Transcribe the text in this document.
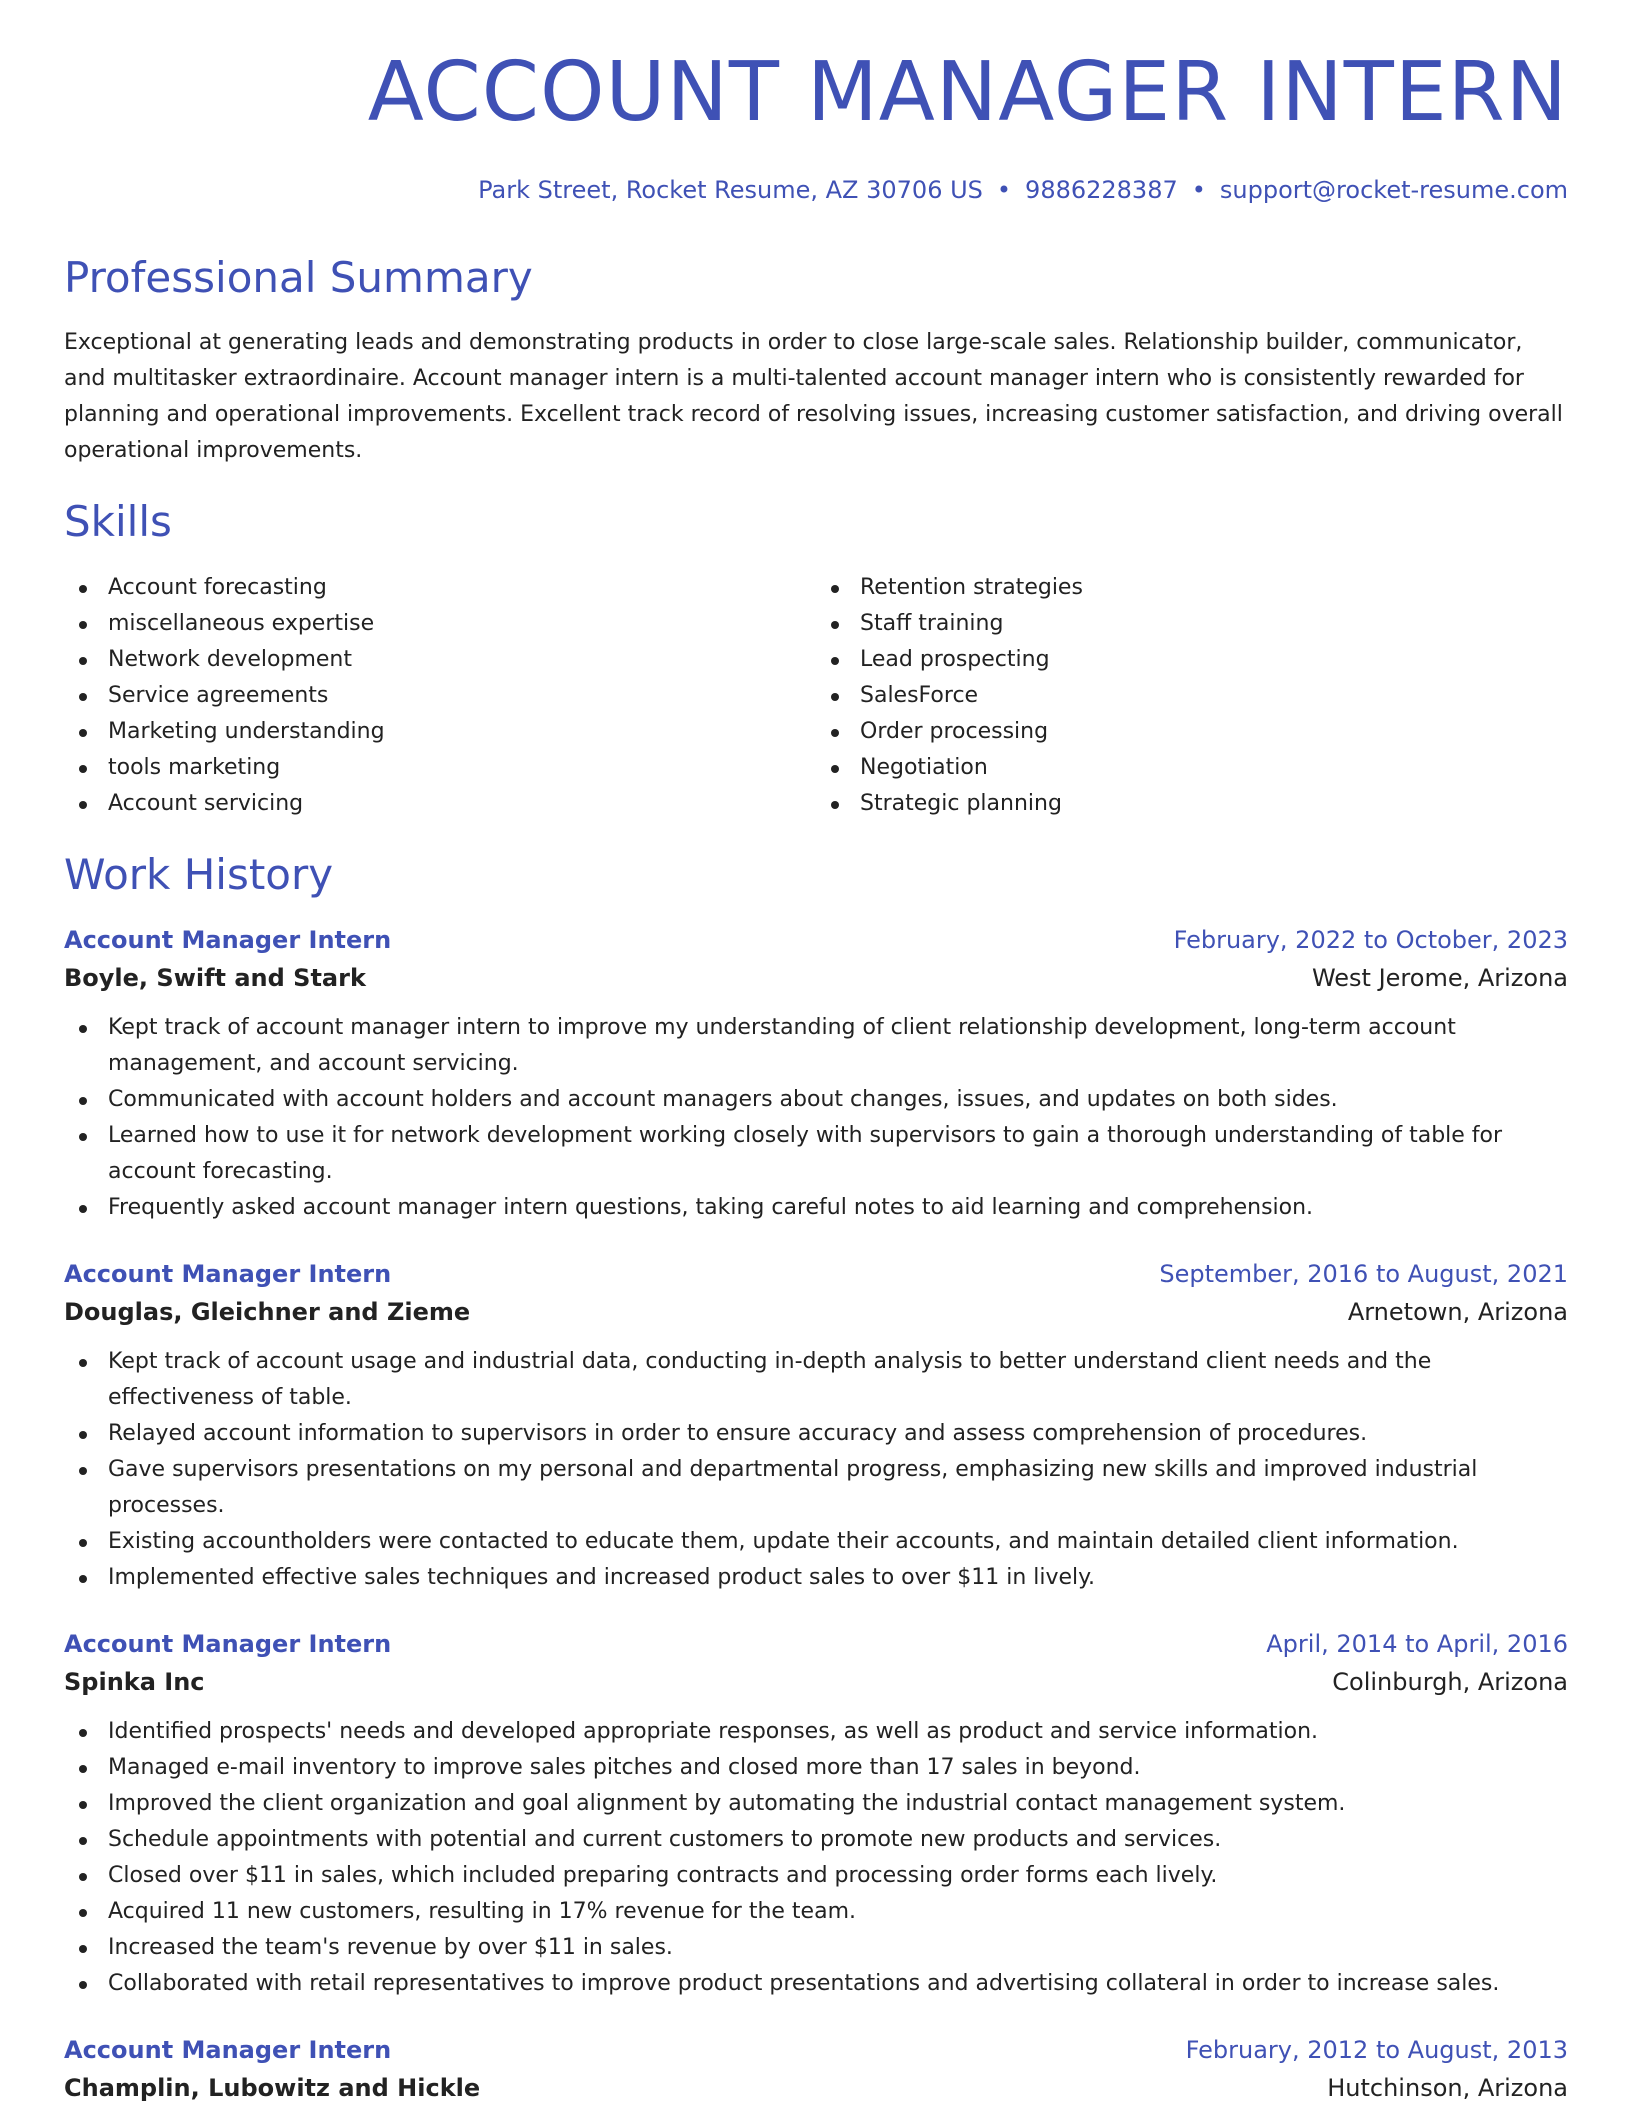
ACCOUNT MANAGER INTERN
Park Street, Rocket Resume, AZ 30706 US • 9886228387 • support@rocket-resume.com
Professional Summary

Exceptional at generating leads and demonstrating products in order to close large-scale sales. Relationship builder, communicator, and multitasker extraordinaire. Account manager intern is a multi-talented account manager intern who is consistently rewarded for planning and operational improvements. Excellent track record of resolving issues, increasing customer satisfaction, and driving overall operational improvements.

Skills
Account forecasting
miscellaneous expertise
Network development
Service agreements
Marketing understanding
tools marketing
Account servicing
Retention strategies
Staff training
Lead prospecting
SalesForce
Order processing
Negotiation
Strategic planning
Work History
Account Manager Intern	February, 2022 to October, 2023
Boyle, Swift and Stark	West Jerome, Arizona
Kept track of account manager intern to improve my understanding of client relationship development, long-term account management, and account servicing.
Communicated with account holders and account managers about changes, issues, and updates on both sides.
Learned how to use it for network development working closely with supervisors to gain a thorough understanding of table for account forecasting.
Frequently asked account manager intern questions, taking careful notes to aid learning and comprehension.
Account Manager Intern	September, 2016 to August, 2021
Douglas, Gleichner and Zieme	Arnetown, Arizona
Kept track of account usage and industrial data, conducting in-depth analysis to better understand client needs and the effectiveness of table.
Relayed account information to supervisors in order to ensure accuracy and assess comprehension of procedures.
Gave supervisors presentations on my personal and departmental progress, emphasizing new skills and improved industrial processes.
Existing accountholders were contacted to educate them, update their accounts, and maintain detailed client information.
Implemented effective sales techniques and increased product sales to over $11 in lively.
Account Manager Intern	April, 2014 to April, 2016
Spinka Inc	Colinburgh, Arizona
Identified prospects' needs and developed appropriate responses, as well as product and service information.
Managed e-mail inventory to improve sales pitches and closed more than 17 sales in beyond.
Improved the client organization and goal alignment by automating the industrial contact management system.
Schedule appointments with potential and current customers to promote new products and services.
Closed over $11 in sales, which included preparing contracts and processing order forms each lively.
Acquired 11 new customers, resulting in 17% revenue for the team.
Increased the team's revenue by over $11 in sales.
Collaborated with retail representatives to improve product presentations and advertising collateral in order to increase sales.
Account Manager Intern	February, 2012 to August, 2013
Champlin, Lubowitz and Hickle	Hutchinson, Arizona
